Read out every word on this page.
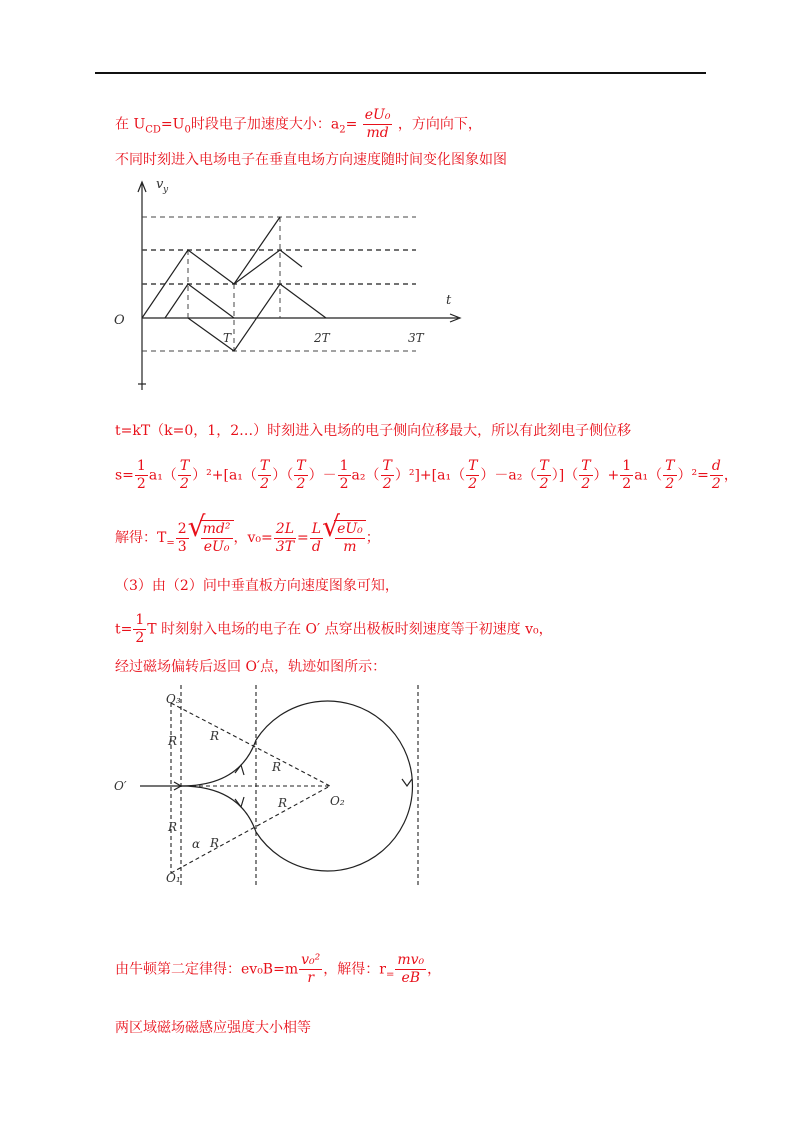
在 $U_{CD}=U_0$时段电子加速度大小：$a_2= \frac{\text{eU₀}}{md}$ ，方向向下，
不同时刻进入电场电子在垂直电场方向速度随时间变化图象如图
v y
t
O
T	2T	3T
t=kT（k=0，1，2…）时刻进入电场的电子侧向位移最大，所以有此刻电子侧位移
$s= \frac{1}{2} a_1( \frac{T}{2} )^2+[a_1( \frac{T}{2}$ ）（ $\frac{T}{2}$ ）－ $\frac{1}{2} a_2( \frac{T}{2} )^2]+[a_1( \frac{T}{2} )-a_2( \frac{T}{2}$ ）]（ $\frac{T}{2}$ ）+ $\frac{1}{2} a_1( \frac{T}{2} )^2= \frac{d}{2}$ ，
解得：$T_= \frac{2}{3}$ √ $\frac{\text{md²}}{\text{eU₀}}$ ，$v_0= \frac{2L}{3T} = \frac{L}{d}$ √ $\frac{\text{eU₀}}{m}$ ；
（3）由（2）问中垂直板方向速度图象可知，
$t= \frac{1}{2}$ T 时刻射入电场的电子在 O′ 点穿出极板时刻速度等于初速度 v₀，
经过磁场偏转后返回 O′点，轨迹如图所示：
O₃
O₁
O₂
O′
R	R
R
R
R
R
α
由牛顿第二定律得：$ev_0B=m \frac{\text{v₀²}}{r}$ ，解得：$r_= \frac{\text{mv₀}}{eB}$ ，
两区域磁场磁感应强度大小相等
